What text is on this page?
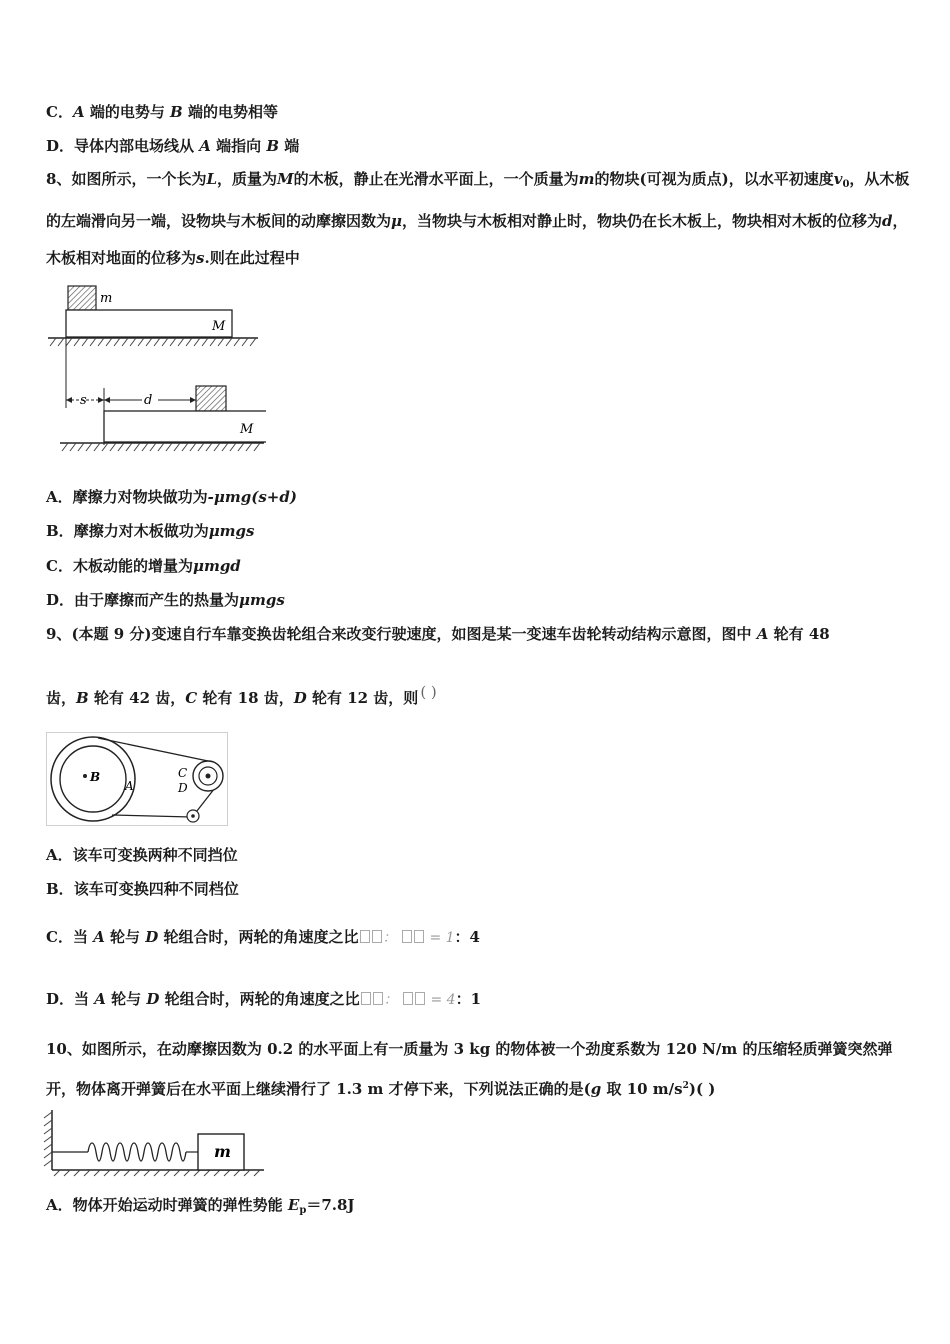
C．A 端的电势与 B 端的电势相等
D．导体内部电场线从 A 端指向 B 端
8、如图所示，一个长为L，质量为M的木板，静止在光滑水平面上，一个质量为m的物块(可视为质点)，以水平初速度$v_0$，从木板的左端滑向另一端，设物块与木板间的动摩擦因数为μ，当物块与木板相对静止时，物块仍在长木板上，物块相对木板的位移为d，木板相对地面的位移为s.则在此过程中
m
M
s	d
M
A．摩擦力对物块做功为-μmg(s+d)
B．摩擦力对木板做功为μmgs
C．木板动能的增量为μmgd
D．由于摩擦而产生的热量为μmgs
9、(本题 9 分)变速自行车靠变换齿轮组合来改变行驶速度，如图是某一变速车齿轮转动结构示意图，图中 A 轮有 48
齿，B 轮有 42 齿，C 轮有 18 齿，D 轮有 12 齿，则 ( )
B
A
C
D
A．该车可变换两种不同挡位
B．该车可变换四种不同档位
C．当 A 轮与 D 轮组合时，两轮的角速度之比 ：  = 1：4
D．当 A 轮与 D 轮组合时，两轮的角速度之比 ：  = 4：1
10、如图所示，在动摩擦因数为 0.2 的水平面上有一质量为 3 kg 的物体被一个劲度系数为 120 N/m 的压缩轻质弹簧突然弹开，物体离开弹簧后在水平面上继续滑行了 1.3 m 才停下来，下列说法正确的是(g 取 10 $m/s^2$)( )
m
A．物体开始运动时弹簧的弹性势能 $E_p=7.8J$
